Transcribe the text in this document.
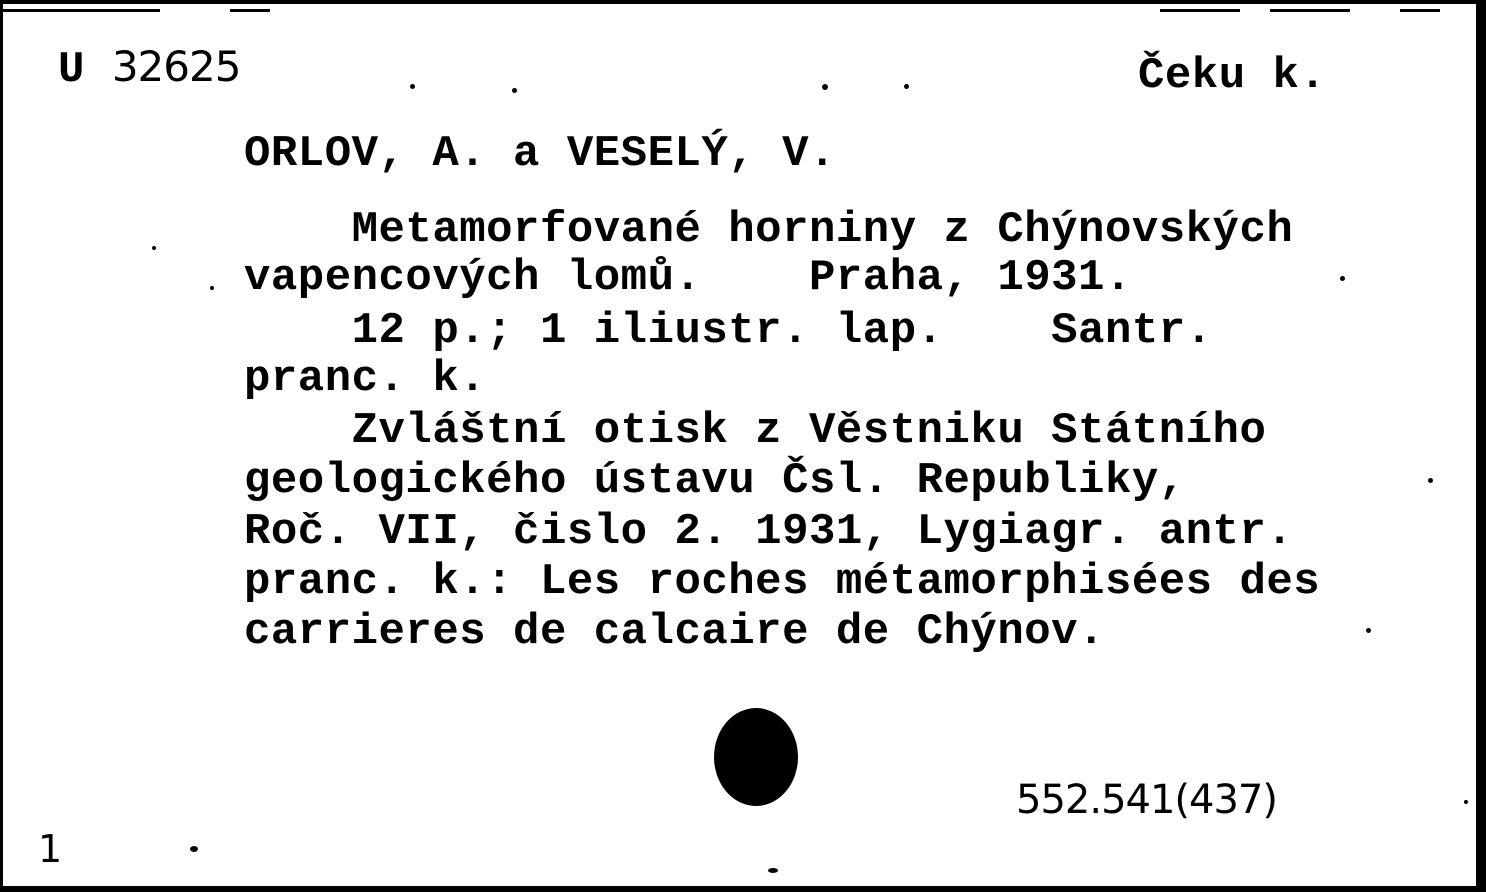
U 32625	Čeku k.
ORLOV, A. a VESELÝ, V.
Metamorfované horniny z Chýnovských
vapencových lomů.    Praha, 1931.
12 p.; 1 iliustr. lap.    Santr.
pranc. k.
Zvláštní otisk z Věstniku Státního
geologického ústavu Čsl. Republiky,
Roč. VII, čislo 2. 1931, Lygiagr. antr.
pranc. k.: Les roches métamorphisées des
carrieres de calcaire de Chýnov.
552.541(437)
1
